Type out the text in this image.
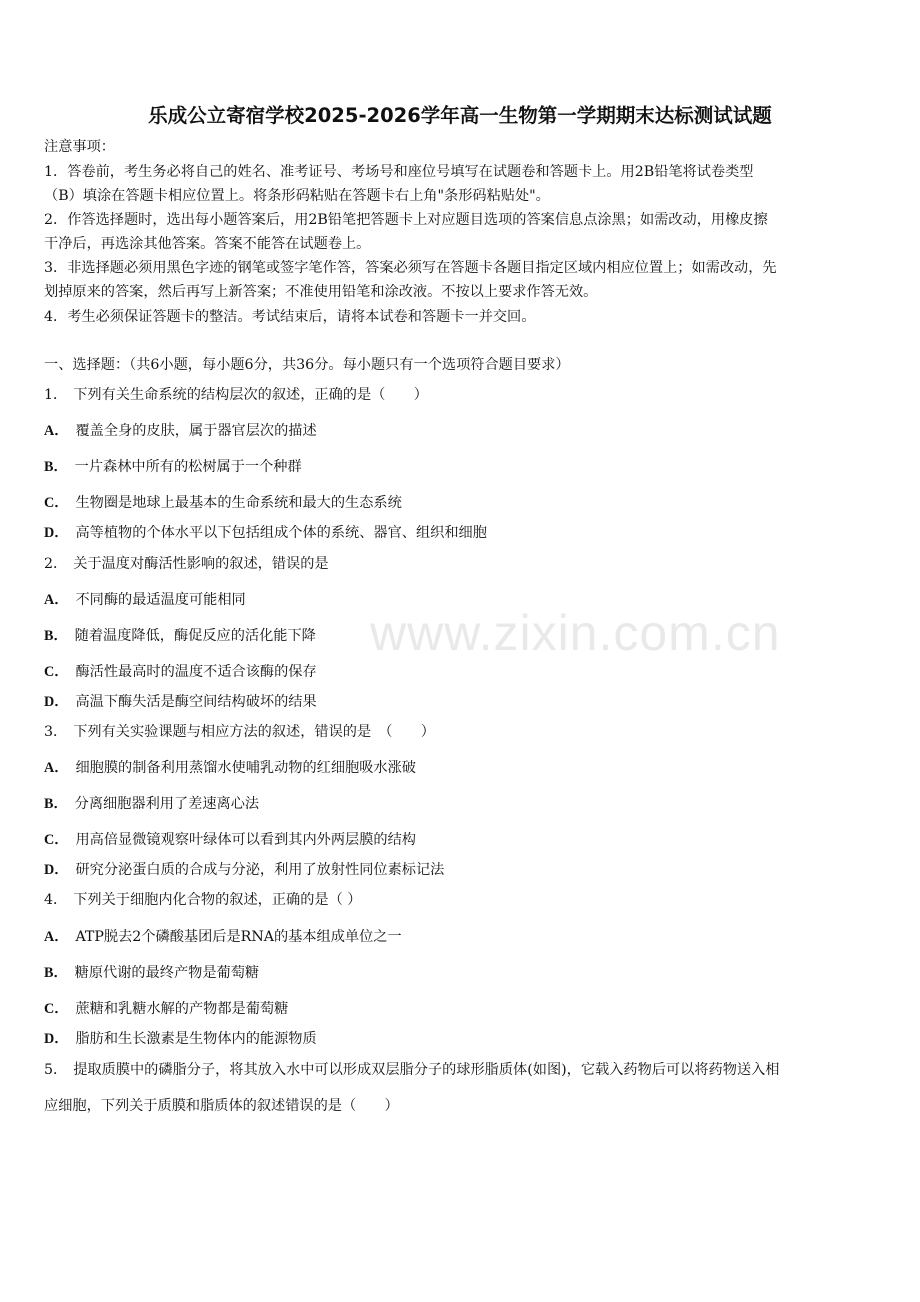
乐成公立寄宿学校2025-2026学年高一生物第一学期期末达标测试试题
注意事项：
1．答卷前，考生务必将自己的姓名、准考证号、考场号和座位号填写在试题卷和答题卡上。用2B铅笔将试卷类型
（B）填涂在答题卡相应位置上。将条形码粘贴在答题卡右上角"条形码粘贴处"。
2．作答选择题时，选出每小题答案后，用2B铅笔把答题卡上对应题目选项的答案信息点涂黑；如需改动，用橡皮擦
干净后，再选涂其他答案。答案不能答在试题卷上。
3．非选择题必须用黑色字迹的钢笔或签字笔作答，答案必须写在答题卡各题目指定区域内相应位置上；如需改动，先
划掉原来的答案，然后再写上新答案；不准使用铅笔和涂改液。不按以上要求作答无效。
4．考生必须保证答题卡的整洁。考试结束后，请将本试卷和答题卡一并交回。
一、选择题：（共6小题，每小题6分，共36分。每小题只有一个选项符合题目要求）
1． 下列有关生命系统的结构层次的叙述，正确的是（　　）
A． 覆盖全身的皮肤，属于器官层次的描述
B． 一片森林中所有的松树属于一个种群
C． 生物圈是地球上最基本的生命系统和最大的生态系统
D． 高等植物的个体水平以下包括组成个体的系统、器官、组织和细胞
2． 关于温度对酶活性影响的叙述，错误的是
A． 不同酶的最适温度可能相同
B． 随着温度降低，酶促反应的活化能下降
C． 酶活性最高时的温度不适合该酶的保存
D． 高温下酶失活是酶空间结构破坏的结果
3． 下列有关实验课题与相应方法的叙述，错误的是　（　　）
A． 细胞膜的制备利用蒸馏水使哺乳动物的红细胞吸水涨破
B． 分离细胞器利用了差速离心法
C． 用高倍显微镜观察叶绿体可以看到其内外两层膜的结构
D． 研究分泌蛋白质的合成与分泌，利用了放射性同位素标记法
4． 下列关于细胞内化合物的叙述，正确的是（ ）
A． ATP脱去2个磷酸基团后是RNA的基本组成单位之一
B． 糖原代谢的最终产物是葡萄糖
C． 蔗糖和乳糖水解的产物都是葡萄糖
D． 脂肪和生长激素是生物体内的能源物质
5． 提取质膜中的磷脂分子，将其放入水中可以形成双层脂分子的球形脂质体(如图)，它载入药物后可以将药物送入相
应细胞，下列关于质膜和脂质体的叙述错误的是（　　）
www.zixin.com.cn
